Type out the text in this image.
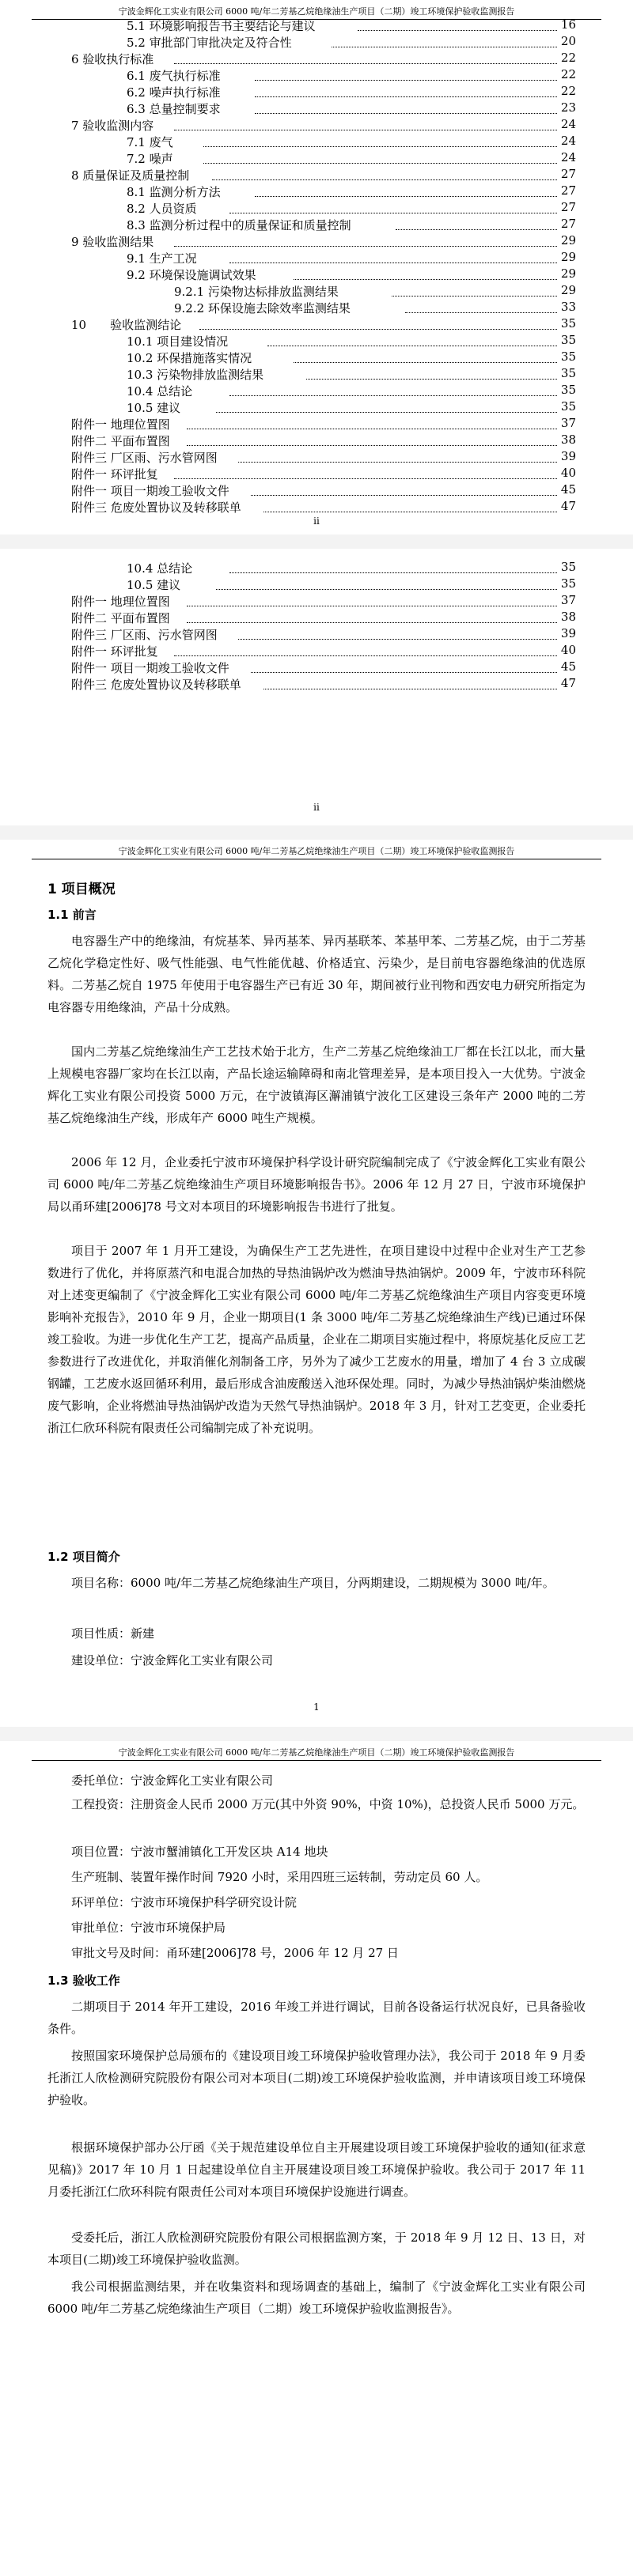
宁波金辉化工实业有限公司 6000 吨/年二芳基乙烷绝缘油生产项目（二期）竣工环境保护验收监测报告
5.1 环境影响报告书主要结论与建议	16
5.2 审批部门审批决定及符合性	20
6 验收执行标准	22
6.1 废气执行标准	22
6.2 噪声执行标准	22
6.3 总量控制要求	23
7 验收监测内容	24
7.1 废气	24
7.2 噪声	24
8 质量保证及质量控制	27
8.1 监测分析方法	27
8.2 人员资质	27
8.3 监测分析过程中的质量保证和质量控制	27
9 验收监测结果	29
9.1 生产工况	29
9.2 环境保设施调试效果	29
9.2.1 污染物达标排放监测结果	29
9.2.2 环保设施去除效率监测结果	33
10　　验收监测结论	35
10.1 项目建设情况	35
10.2 环保措施落实情况	35
10.3 污染物排放监测结果	35
10.4 总结论	35
10.5 建议	35
附件一 地理位置图	37
附件二 平面布置图	38
附件三 厂区雨、污水管网图	39
附件一 环评批复	40
附件一 项目一期竣工验收文件	45
附件三 危废处置协议及转移联单	47
ii
10.4 总结论	35
10.5 建议	35
附件一 地理位置图	37
附件二 平面布置图	38
附件三 厂区雨、污水管网图	39
附件一 环评批复	40
附件一 项目一期竣工验收文件	45
附件三 危废处置协议及转移联单	47
ii
宁波金辉化工实业有限公司 6000 吨/年二芳基乙烷绝缘油生产项目（二期）竣工环境保护验收监测报告
1 项目概况
1.1 前言
电容器生产中的绝缘油，有烷基苯、异丙基苯、异丙基联苯、苯基甲苯、二芳基乙烷，由于二芳基乙烷化学稳定性好、吸气性能强、电气性能优越、价格适宜、污染少，是目前电容器绝缘油的优选原料。二芳基乙烷自 1975 年使用于电容器生产已有近 30 年，期间被行业刊物和西安电力研究所指定为电容器专用绝缘油，产品十分成熟。
国内二芳基乙烷绝缘油生产工艺技术始于北方，生产二芳基乙烷绝缘油工厂都在长江以北，而大量上规模电容器厂家均在长江以南，产品长途运输障碍和南北管理差异，是本项目投入一大优势。宁波金辉化工实业有限公司投资 5000 万元，在宁波镇海区澥浦镇宁波化工区建设三条年产 2000 吨的二芳基乙烷绝缘油生产线，形成年产 6000 吨生产规模。
2006 年 12 月，企业委托宁波市环境保护科学设计研究院编制完成了《宁波金辉化工实业有限公司 6000 吨/年二芳基乙烷绝缘油生产项目环境影响报告书》。2006 年 12 月 27 日，宁波市环境保护局以甬环建[2006]78 号文对本项目的环境影响报告书进行了批复。
项目于 2007 年 1 月开工建设，为确保生产工艺先进性，在项目建设中过程中企业对生产工艺参数进行了优化，并将原蒸汽和电混合加热的导热油锅炉改为燃油导热油锅炉。2009 年，宁波市环科院对上述变更编制了《宁波金辉化工实业有限公司 6000 吨/年二芳基乙烷绝缘油生产项目内容变更环境影响补充报告》，2010 年 9 月，企业一期项目(1 条 3000 吨/年二芳基乙烷绝缘油生产线)已通过环保竣工验收。为进一步优化生产工艺，提高产品质量，企业在二期项目实施过程中，将原烷基化反应工艺参数进行了改进优化，并取消催化剂制备工序，另外为了减少工艺废水的用量，增加了 4 台 3 立成碳钢罐，工艺废水返回循环利用，最后形成含油废酸送入池环保处理。同时，为减少导热油锅炉柴油燃烧废气影响，企业将燃油导热油锅炉改造为天然气导热油锅炉。2018 年 3 月，针对工艺变更，企业委托浙江仁欣环科院有限责任公司编制完成了补充说明。
1.2 项目简介
项目名称：6000 吨/年二芳基乙烷绝缘油生产项目，分两期建设，二期规模为 3000 吨/年。
项目性质：新建
建设单位：宁波金辉化工实业有限公司
1
宁波金辉化工实业有限公司 6000 吨/年二芳基乙烷绝缘油生产项目（二期）竣工环境保护验收监测报告
委托单位：宁波金辉化工实业有限公司
工程投资：注册资金人民币 2000 万元(其中外资 90%，中资 10%)，总投资人民币 5000 万元。
项目位置：宁波市蟹浦镇化工开发区块 A14 地块
生产班制、装置年操作时间 7920 小时，采用四班三运转制，劳动定员 60 人。
环评单位：宁波市环境保护科学研究设计院
审批单位：宁波市环境保护局
审批文号及时间：甬环建[2006]78 号，2006 年 12 月 27 日
1.3 验收工作
二期项目于 2014 年开工建设，2016 年竣工并进行调试，目前各设备运行状况良好，已具备验收条件。
按照国家环境保护总局颁布的《建设项目竣工环境保护验收管理办法》，我公司于 2018 年 9 月委托浙江人欣检测研究院股份有限公司对本项目(二期)竣工环境保护验收监测，并申请该项目竣工环境保护验收。
根据环境保护部办公厅函《关于规范建设单位自主开展建设项目竣工环境保护验收的通知(征求意见稿)》2017 年 10 月 1 日起建设单位自主开展建设项目竣工环境保护验收。我公司于 2017 年 11 月委托浙江仁欣环科院有限责任公司对本项目环境保护设施进行调查。
受委托后，浙江人欣检测研究院股份有限公司根据监测方案，于 2018 年 9 月 12 日、13 日，对本项目(二期)竣工环境保护验收监测。
我公司根据监测结果，并在收集资料和现场调查的基础上，编制了《宁波金辉化工实业有限公司 6000 吨/年二芳基乙烷绝缘油生产项目（二期）竣工环境保护验收监测报告》。
